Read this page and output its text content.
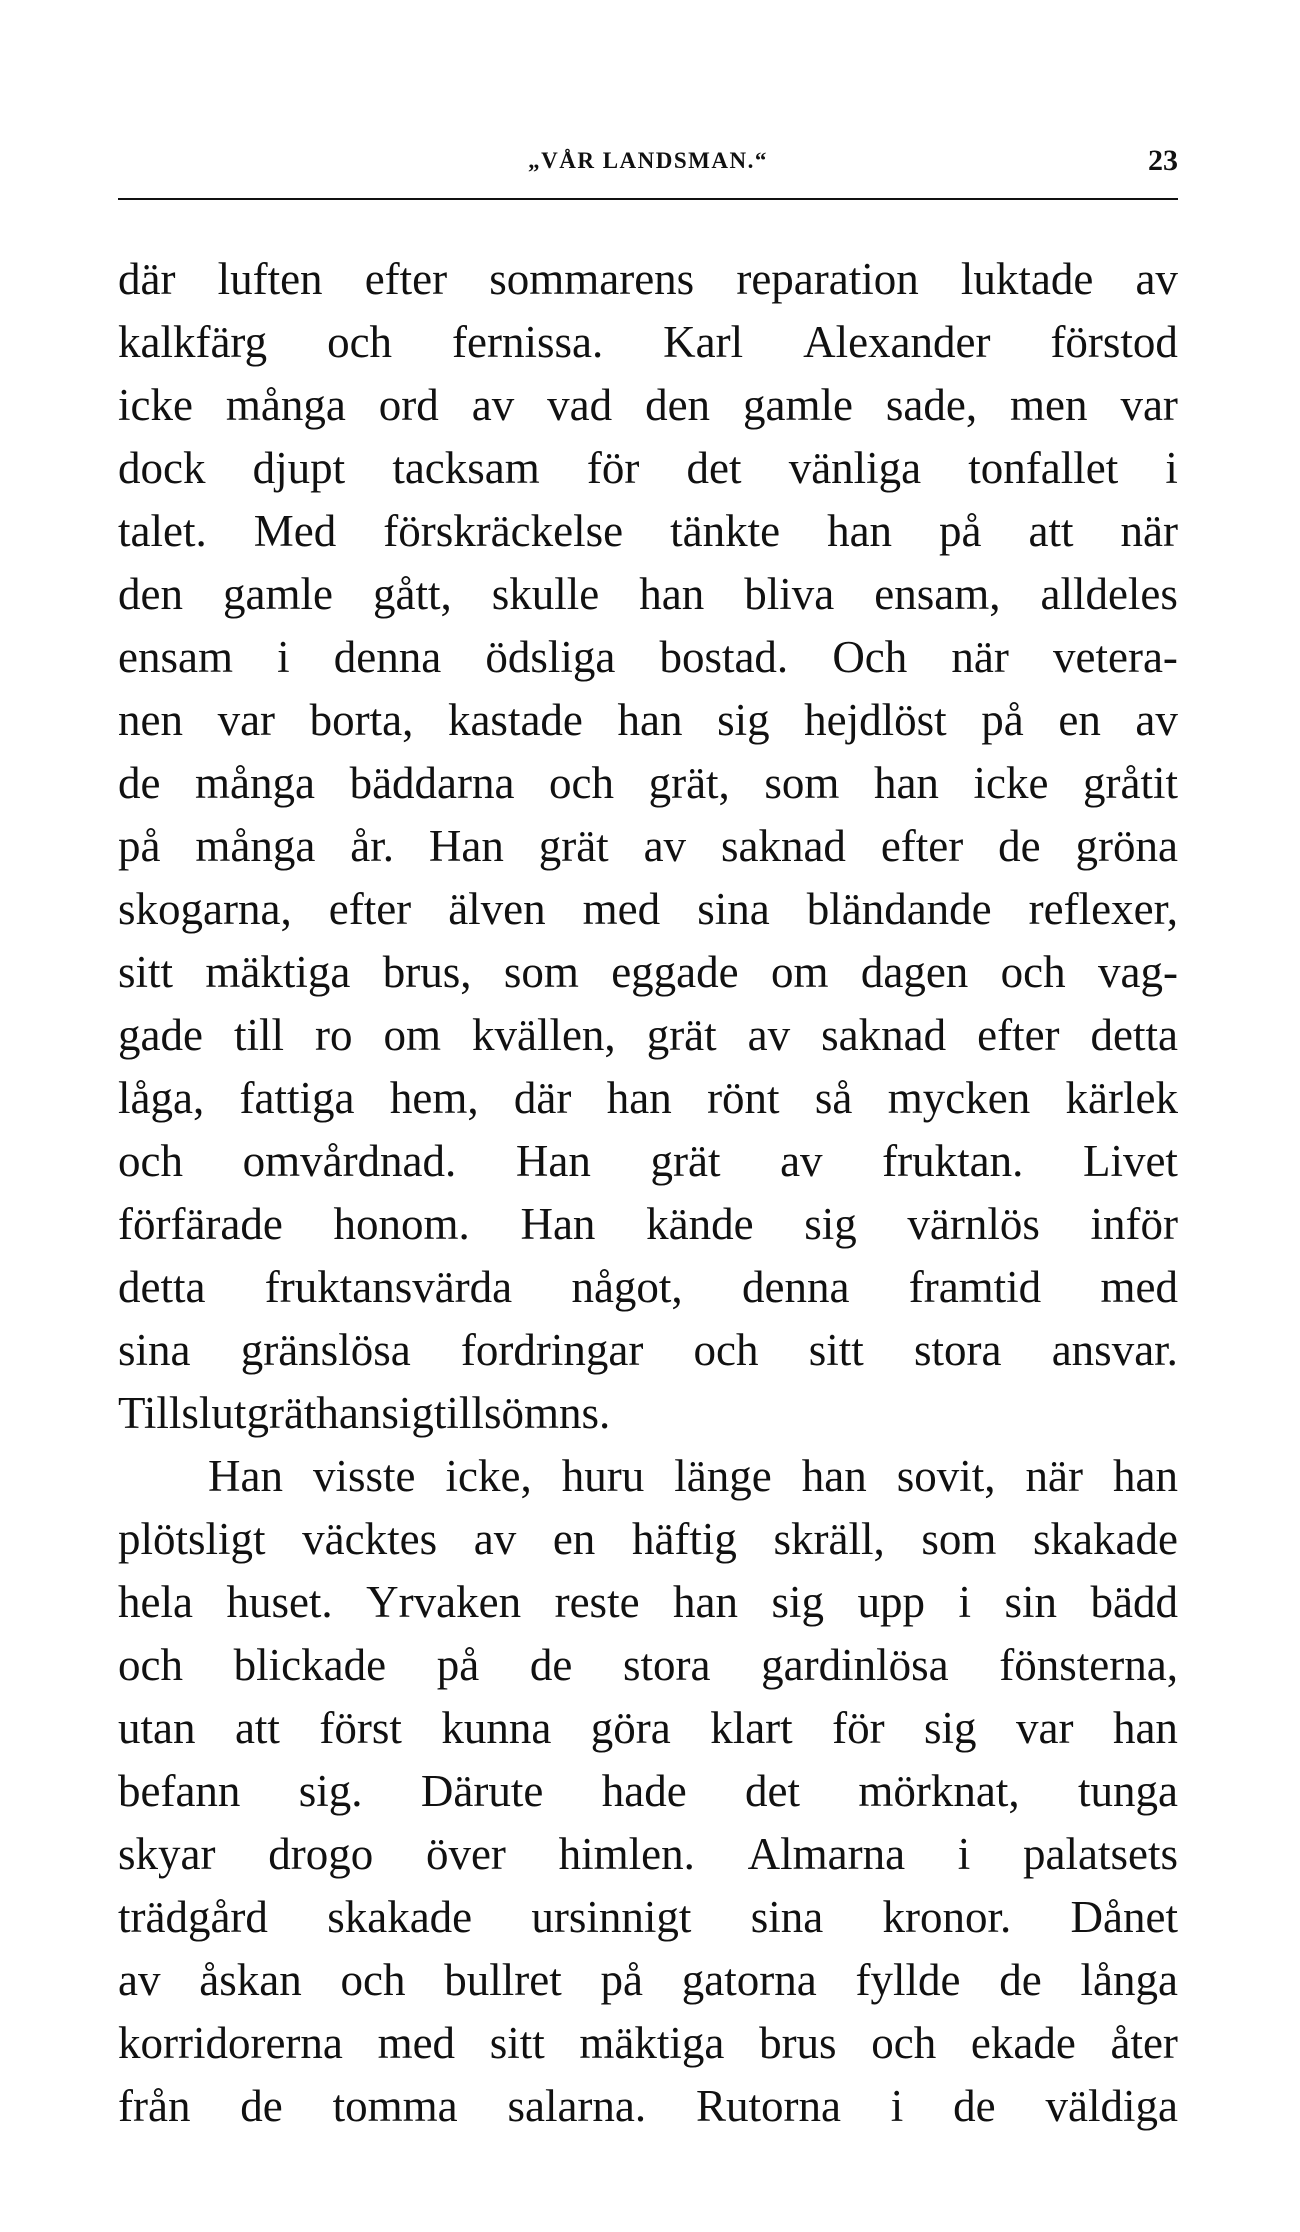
„VÅR LANDSMAN.“	23
där luften efter sommarens reparation luktade av
kalkfärg och fernissa. Karl Alexander förstod
icke många ord av vad den gamle sade, men var
dock djupt tacksam för det vänliga tonfallet i
talet. Med förskräckelse tänkte han på att när
den gamle gått, skulle han bliva ensam, alldeles
ensam i denna ödsliga bostad. Och när vetera-
nen var borta, kastade han sig hejdlöst på en av
de många bäddarna och grät, som han icke gråtit
på många år. Han grät av saknad efter de gröna
skogarna, efter älven med sina bländande reflexer,
sitt mäktiga brus, som eggade om dagen och vag-
gade till ro om kvällen, grät av saknad efter detta
låga, fattiga hem, där han rönt så mycken kärlek
och omvårdnad. Han grät av fruktan. Livet
förfärade honom. Han kände sig värnlös inför
detta fruktansvärda något, denna framtid med
sina gränslösa fordringar och sitt stora ansvar.
Till slut grät han sig till sömns.
Han visste icke, huru länge han sovit, när han
plötsligt väcktes av en häftig skräll, som skakade
hela huset. Yrvaken reste han sig upp i sin bädd
och blickade på de stora gardinlösa fönsterna,
utan att först kunna göra klart för sig var han
befann sig. Därute hade det mörknat, tunga
skyar drogo över himlen. Almarna i palatsets
trädgård skakade ursinnigt sina kronor. Dånet
av åskan och bullret på gatorna fyllde de långa
korridorerna med sitt mäktiga brus och ekade åter
från de tomma salarna. Rutorna i de väldiga
